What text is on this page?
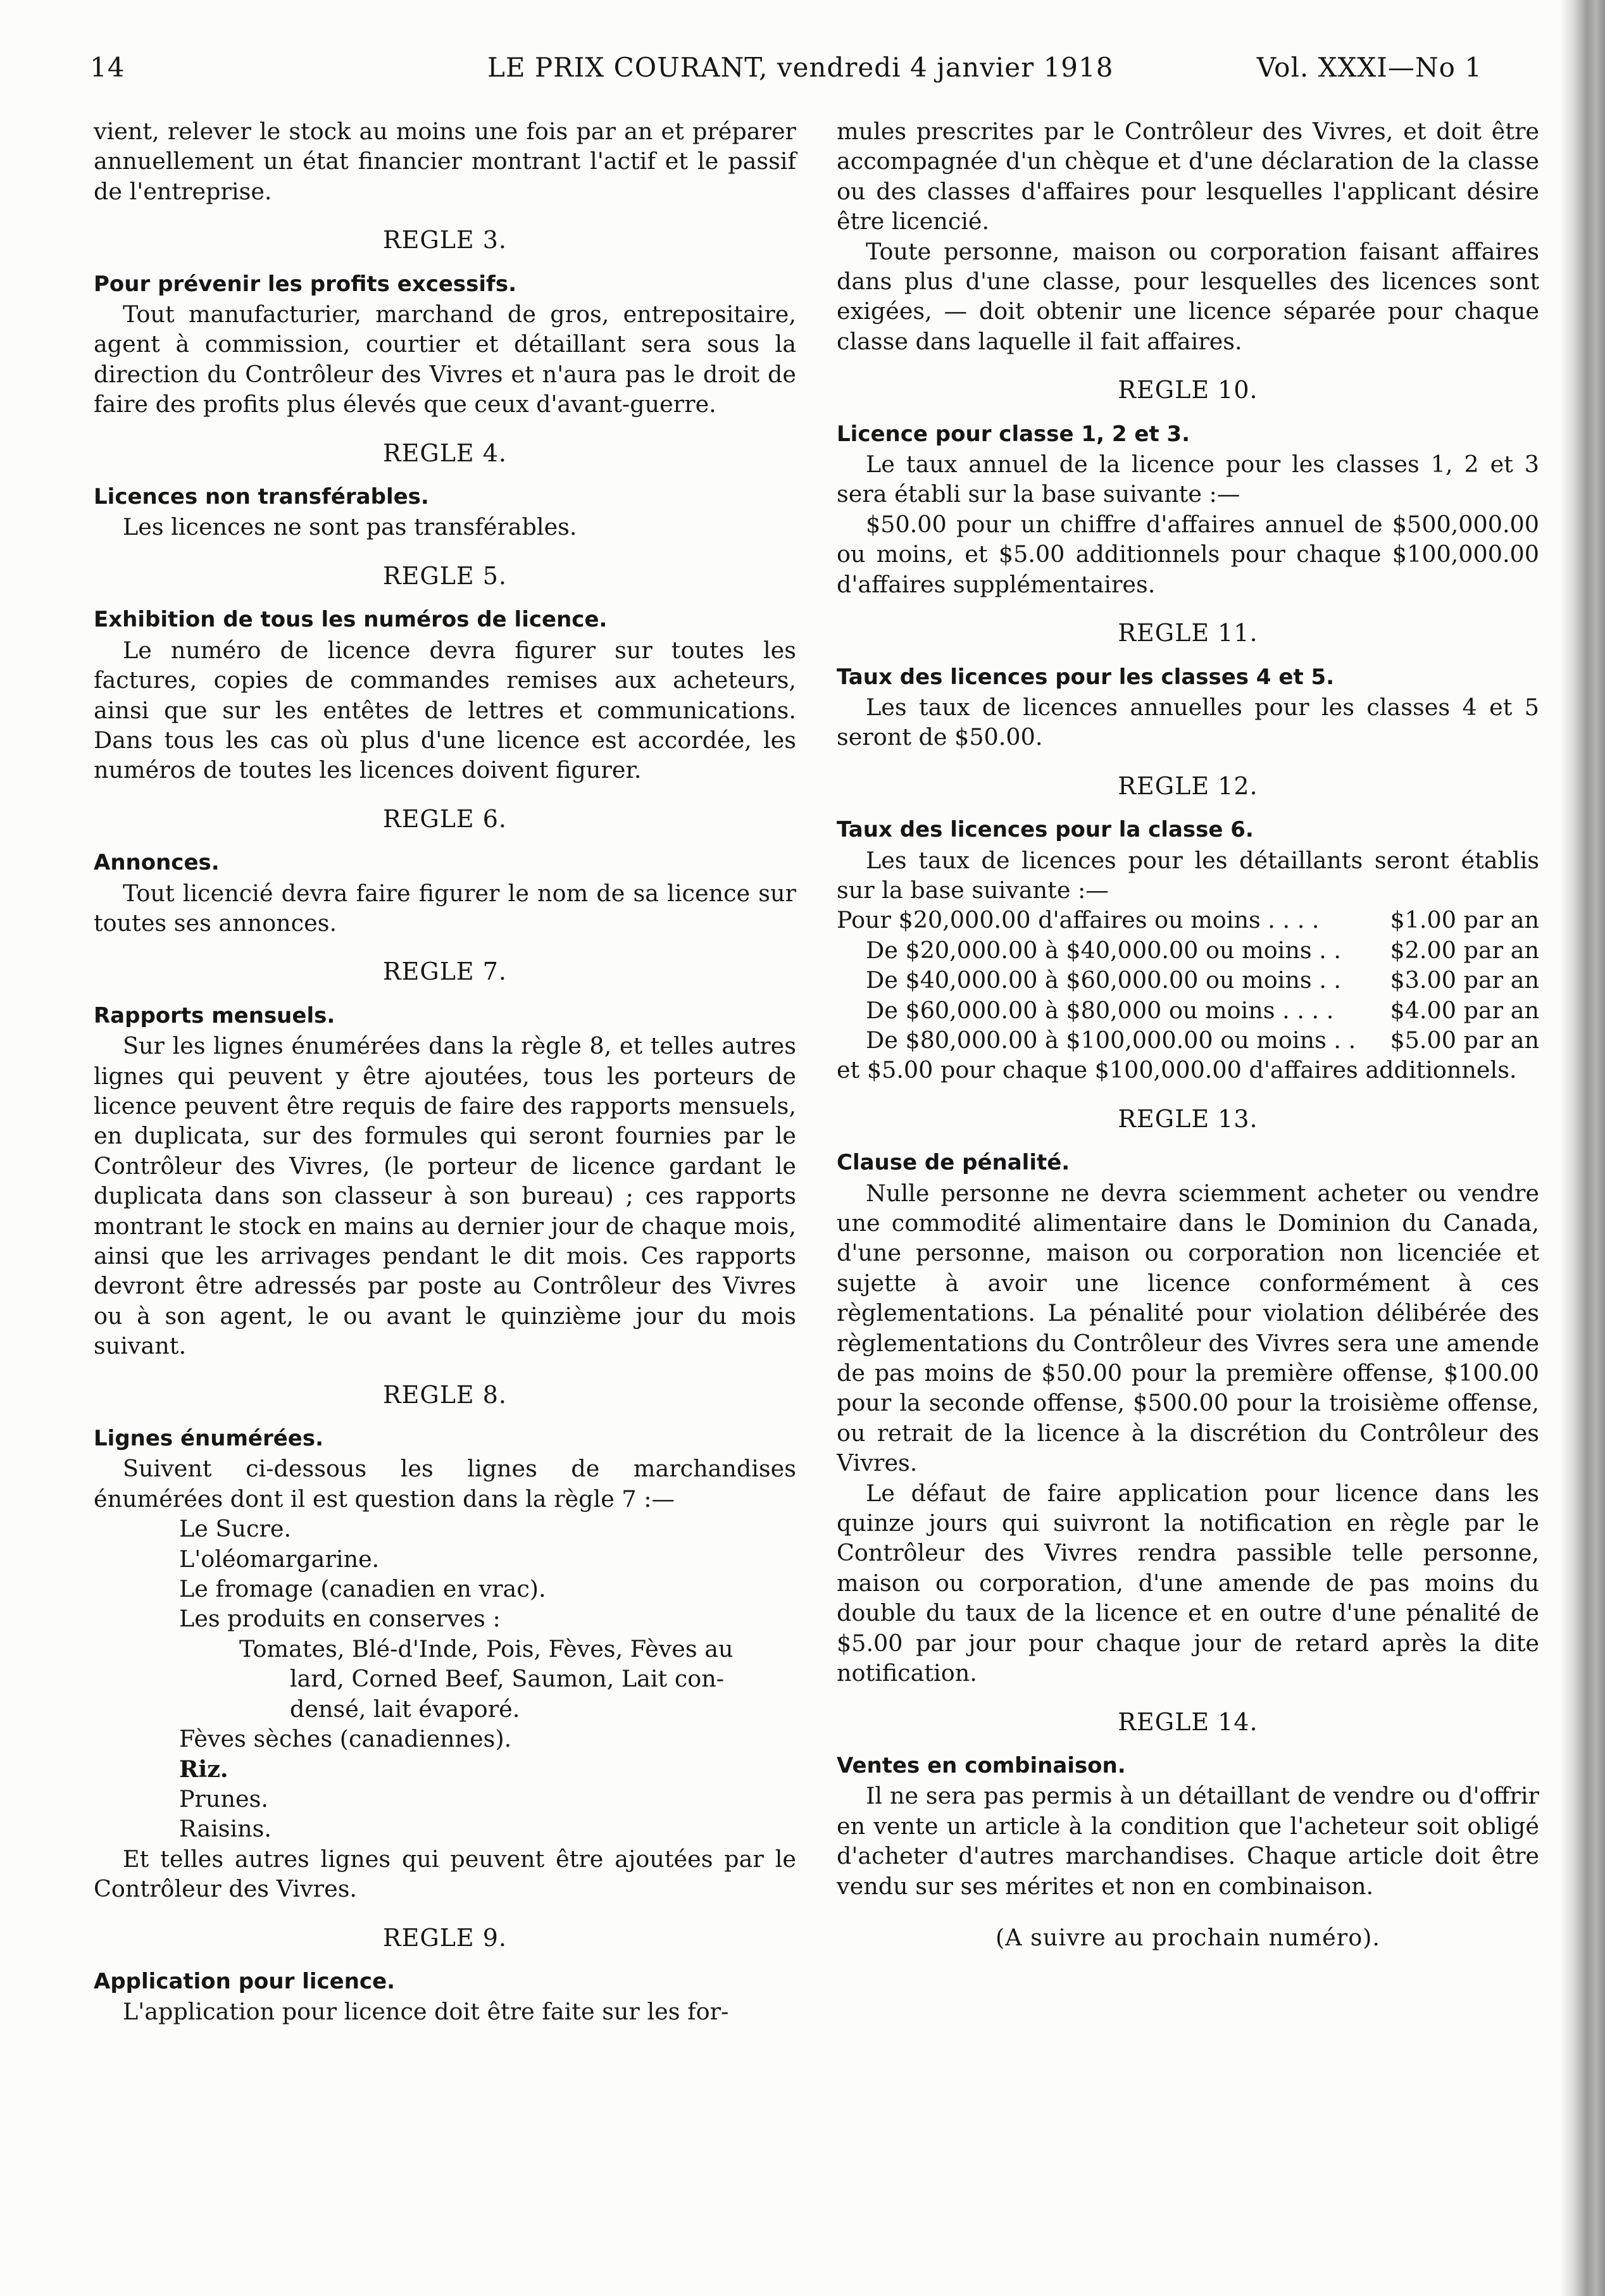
14	LE PRIX COURANT, vendredi 4 janvier 1918	Vol. XXXI—No 1

vient, relever le stock au moins une fois par an et préparer annuellement un état financier montrant l'actif et le passif de l'entreprise.

REGLE 3.
Pour prévenir les profits excessifs.

Tout manufacturier, marchand de gros, entrepositaire, agent à commission, courtier et détaillant sera sous la direction du Contrôleur des Vivres et n'aura pas le droit de faire des profits plus élevés que ceux d'avant-guerre.

REGLE 4.
Licences non transférables.

Les licences ne sont pas transférables.

REGLE 5.
Exhibition de tous les numéros de licence.

Le numéro de licence devra figurer sur toutes les factures, copies de commandes remises aux acheteurs, ainsi que sur les entêtes de lettres et communications. Dans tous les cas où plus d'une licence est accordée, les numéros de toutes les licences doivent figurer.

REGLE 6.
Annonces.

Tout licencié devra faire figurer le nom de sa licence sur toutes ses annonces.

REGLE 7.
Rapports mensuels.

Sur les lignes énumérées dans la règle 8, et telles autres lignes qui peuvent y être ajoutées, tous les porteurs de licence peuvent être requis de faire des rapports mensuels, en duplicata, sur des formules qui seront fournies par le Contrôleur des Vivres, (le porteur de licence gardant le duplicata dans son classeur à son bureau) ; ces rapports montrant le stock en mains au dernier jour de chaque mois, ainsi que les arrivages pendant le dit mois. Ces rapports devront être adressés par poste au Contrôleur des Vivres ou à son agent, le ou avant le quinzième jour du mois suivant.

REGLE 8.
Lignes énumérées.

Suivent ci-dessous les lignes de marchandises énumérées dont il est question dans la règle 7 :—

Le Sucre.
L'oléomargarine.
Le fromage (canadien en vrac).
Les produits en conserves :
Tomates, Blé-d'Inde, Pois, Fèves, Fèves au
lard, Corned Beef, Saumon, Lait con-
densé, lait évaporé.
Fèves sèches (canadiennes).
Riz.
Prunes.
Raisins.

Et telles autres lignes qui peuvent être ajoutées par le Contrôleur des Vivres.

REGLE 9.
Application pour licence.

L'application pour licence doit être faite sur les for-

mules prescrites par le Contrôleur des Vivres, et doit être accompagnée d'un chèque et d'une déclaration de la classe ou des classes d'affaires pour lesquelles l'applicant désire être licencié.

Toute personne, maison ou corporation faisant affaires dans plus d'une classe, pour lesquelles des licences sont exigées, — doit obtenir une licence séparée pour chaque classe dans laquelle il fait affaires.

REGLE 10.
Licence pour classe 1, 2 et 3.

Le taux annuel de la licence pour les classes 1, 2 et 3 sera établi sur la base suivante :—

$50.00 pour un chiffre d'affaires annuel de $500,000.00 ou moins, et $5.00 additionnels pour chaque $100,000.00 d'affaires supplémentaires.

REGLE 11.
Taux des licences pour les classes 4 et 5.

Les taux de licences annuelles pour les classes 4 et 5 seront de $50.00.

REGLE 12.
Taux des licences pour la classe 6.

Les taux de licences pour les détaillants seront établis sur la base suivante :—

Pour $20,000.00 d'affaires ou moins . . . .	$1.00 par an
De $20,000.00 à $40,000.00 ou moins . . $2.00 par an
De $40,000.00 à $60,000.00 ou moins . . $3.00 par an
De $60,000.00 à $80,000 ou moins . . . . $4.00 par an
De $80,000.00 à $100,000.00 ou moins . . $5.00 par an

et $5.00 pour chaque $100,000.00 d'affaires additionnels.

REGLE 13.
Clause de pénalité.

Nulle personne ne devra sciemment acheter ou vendre une commodité alimentaire dans le Dominion du Canada, d'une personne, maison ou corporation non licenciée et sujette à avoir une licence conformément à ces règlementations. La pénalité pour violation délibérée des règlementations du Contrôleur des Vivres sera une amende de pas moins de $50.00 pour la première offense, $100.00 pour la seconde offense, $500.00 pour la troisième offense, ou retrait de la licence à la discrétion du Contrôleur des Vivres.

Le défaut de faire application pour licence dans les quinze jours qui suivront la notification en règle par le Contrôleur des Vivres rendra passible telle personne, maison ou corporation, d'une amende de pas moins du double du taux de la licence et en outre d'une pénalité de $5.00 par jour pour chaque jour de retard après la dite notification.

REGLE 14.
Ventes en combinaison.

Il ne sera pas permis à un détaillant de vendre ou d'offrir en vente un article à la condition que l'acheteur soit obligé d'acheter d'autres marchandises. Chaque article doit être vendu sur ses mérites et non en combinaison.

(A suivre au prochain numéro).
